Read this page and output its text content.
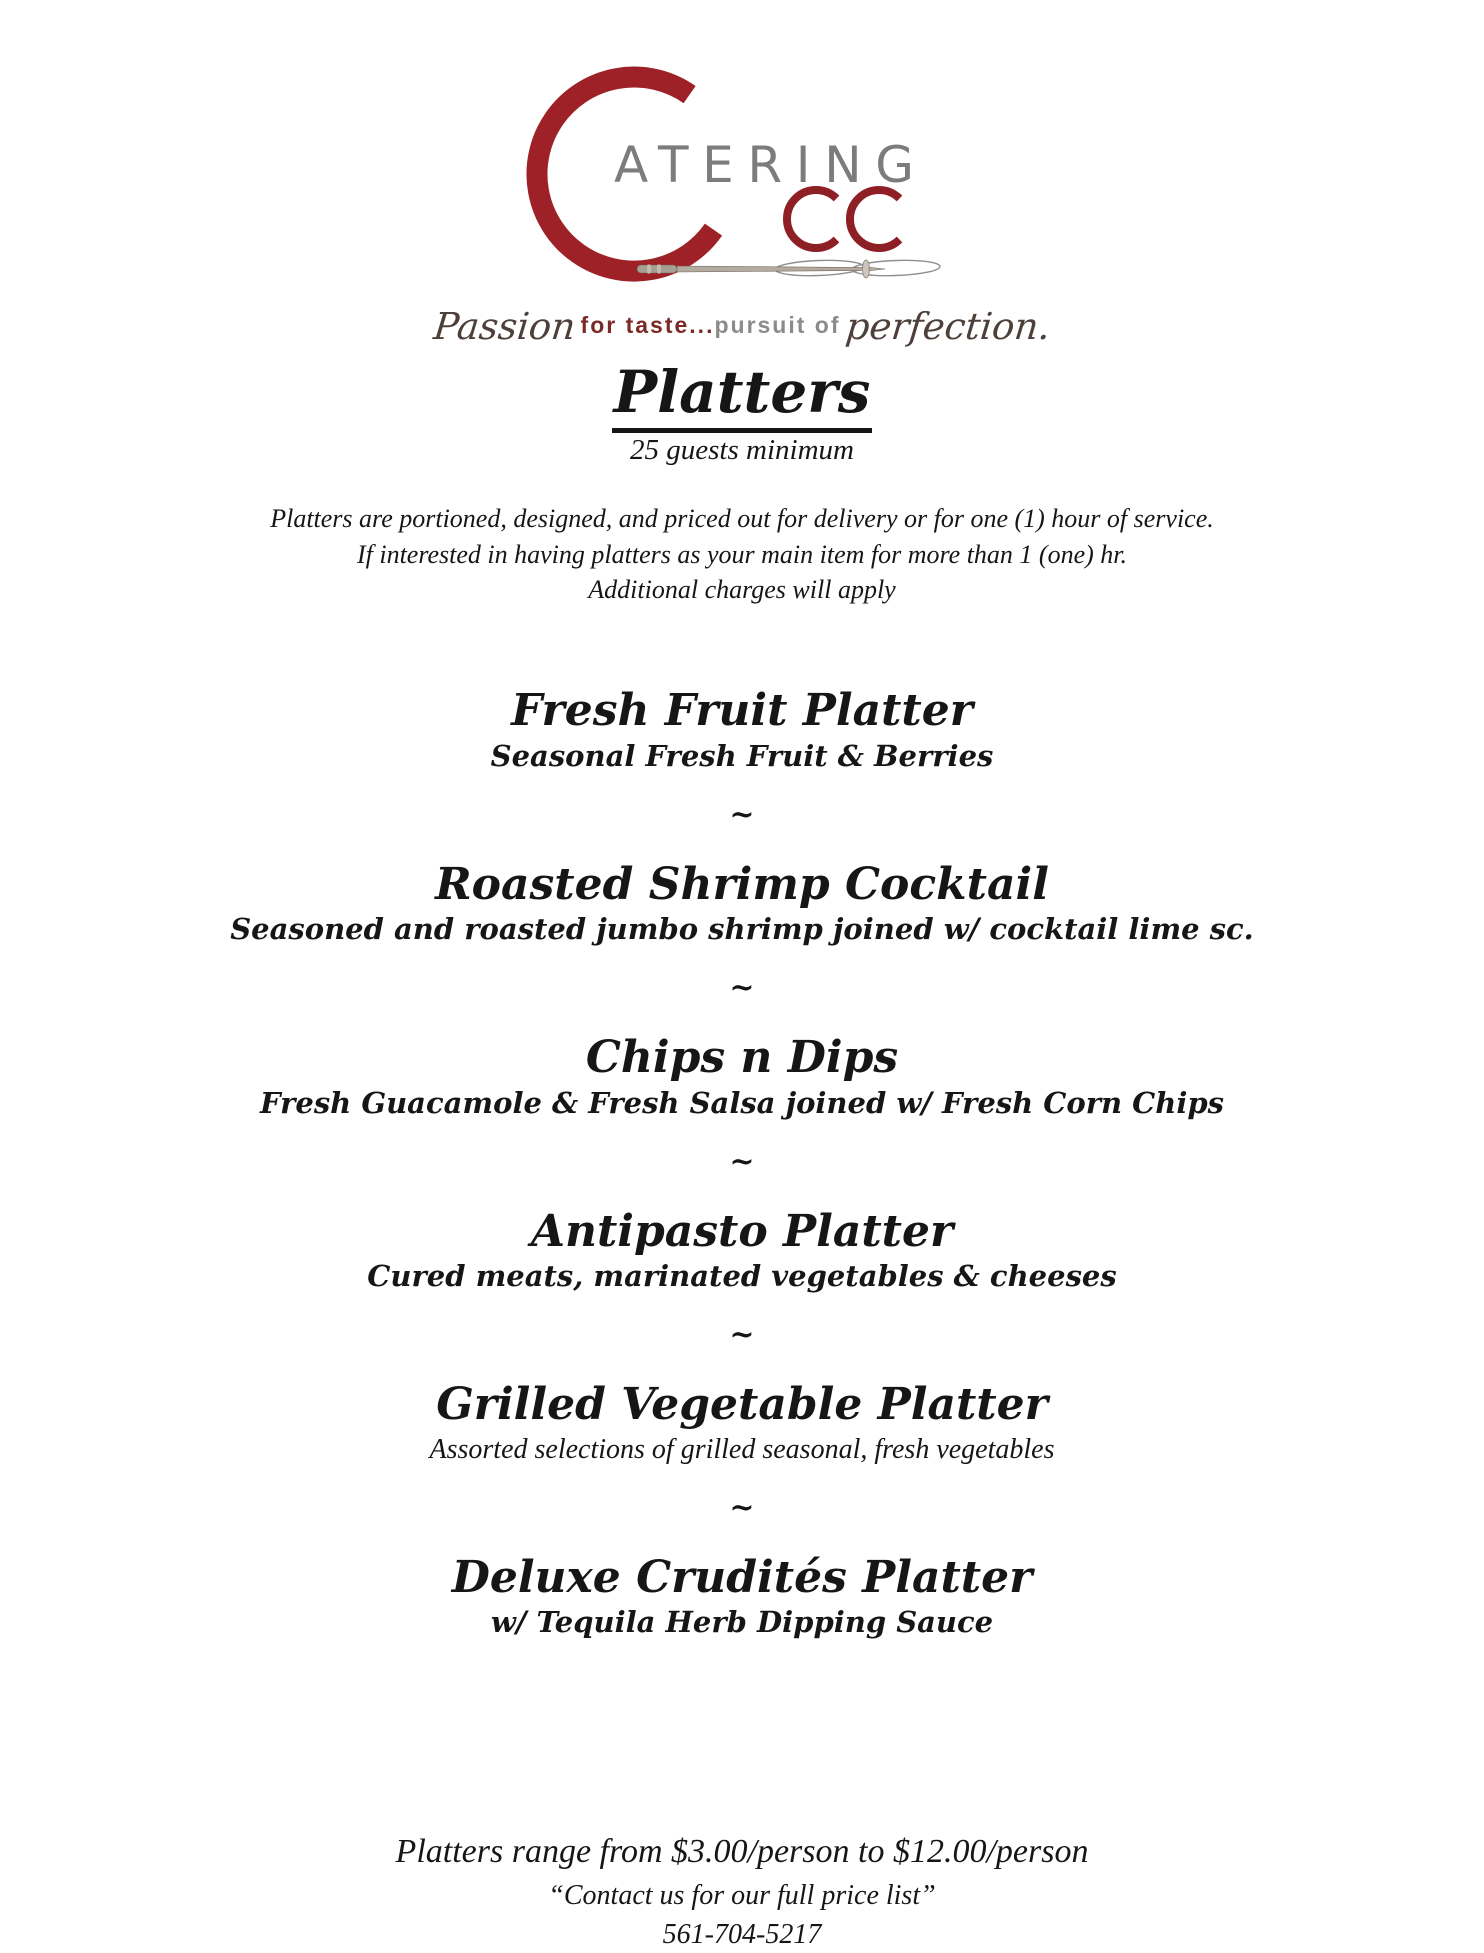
ATERING
Passion for taste...pursuit of perfection.
Platters
25 guests minimum
Platters are portioned, designed, and priced out for delivery or for one (1) hour of service.
If interested in having platters as your main item for more than 1 (one) hr.
Additional charges will apply
Fresh Fruit Platter
Seasonal Fresh Fruit & Berries
~
Roasted Shrimp Cocktail
Seasoned and roasted jumbo shrimp joined w/ cocktail lime sc.
~
Chips n Dips
Fresh Guacamole & Fresh Salsa joined w/ Fresh Corn Chips
~
Antipasto Platter
Cured meats, marinated vegetables & cheeses
~
Grilled Vegetable Platter
Assorted selections of grilled seasonal, fresh vegetables
~
Deluxe Crudités Platter
w/ Tequila Herb Dipping Sauce
Platters range from $3.00/person to $12.00/person
“Contact us for our full price list”
561-704-5217
